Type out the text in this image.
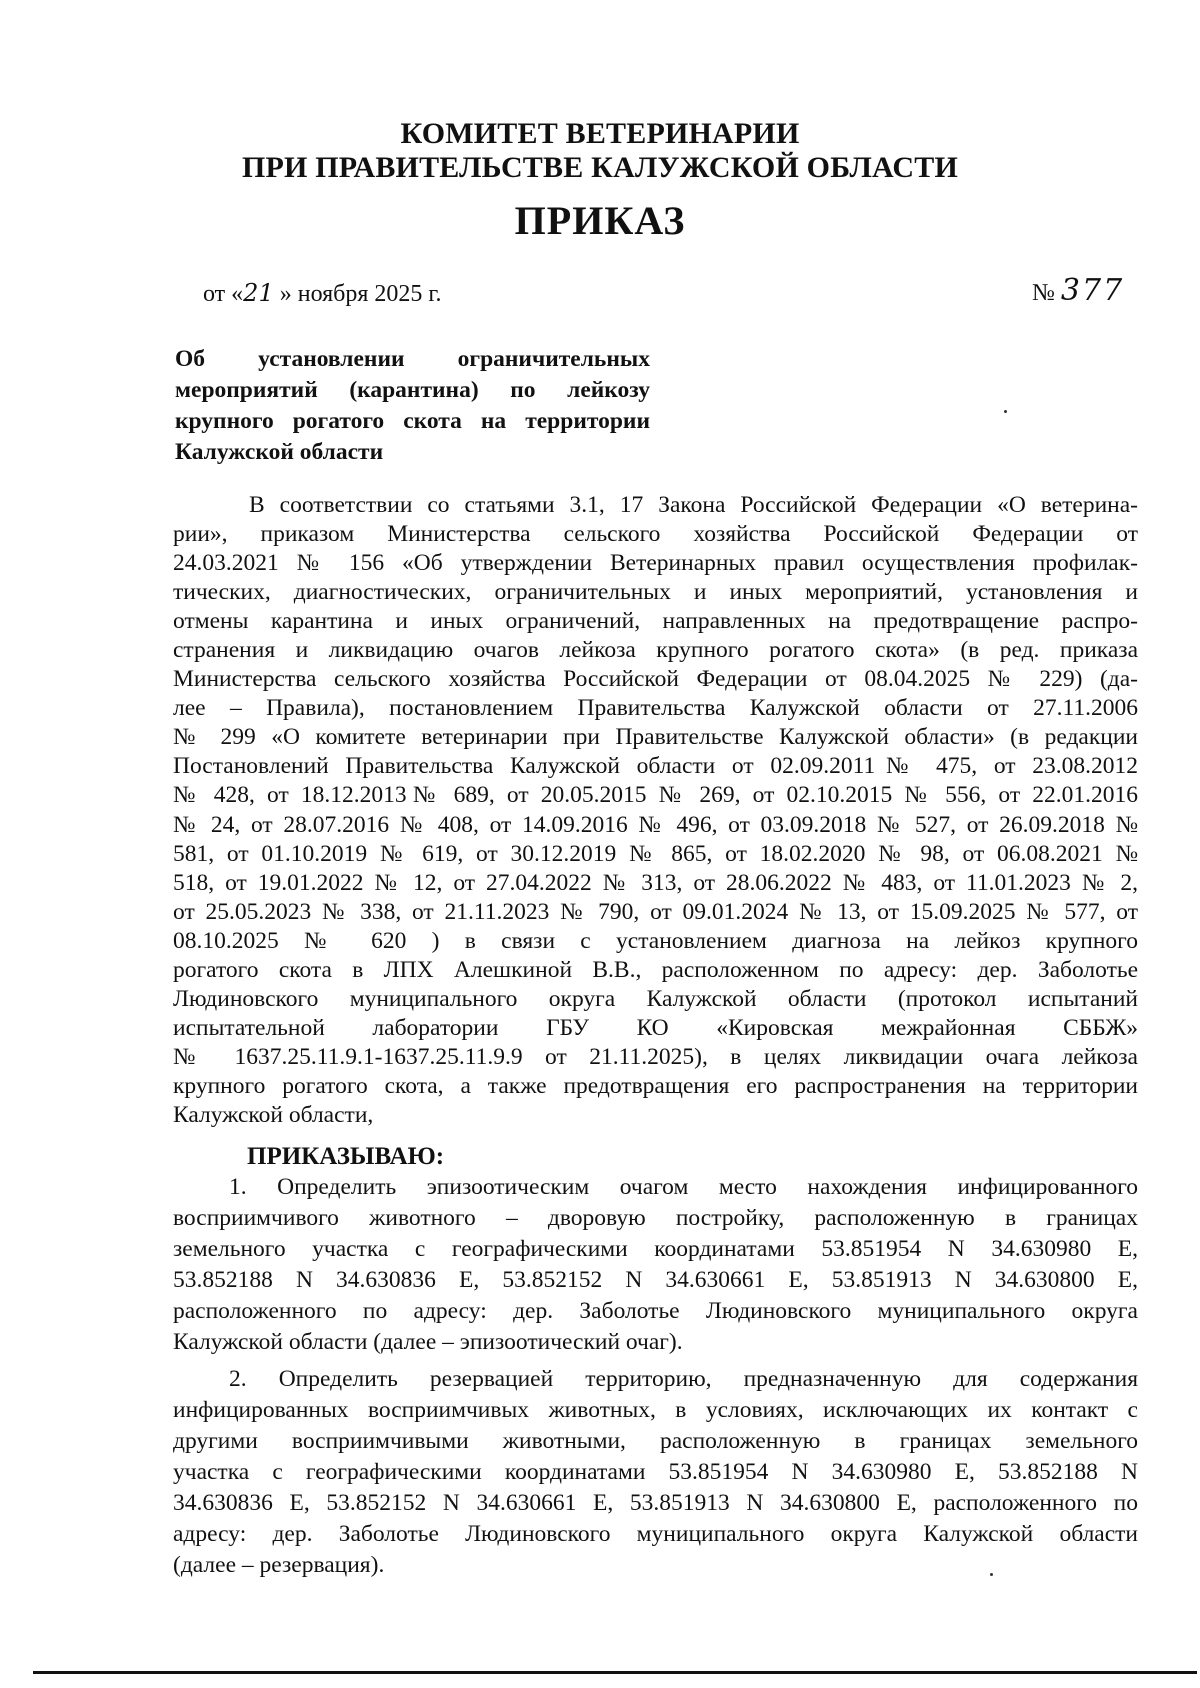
КОМИТЕТ ВЕТЕРИНАРИИ
ПРИ ПРАВИТЕЛЬСТВЕ КАЛУЖСКОЙ ОБЛАСТИ
ПРИКАЗ
от «21 » ноября 2025 г.	№ 377
Об установлении ограничительных
мероприятий (карантина) по лейкозу
крупного рогатого скота на территории
Калужской области
В соответствии со статьями 3.1, 17 Закона Российской Федерации «О ветерина-
рии», приказом Министерства сельского хозяйства Российской Федерации от
24.03.2021 № 156 «Об утверждении Ветеринарных правил осуществления профилак-
тических, диагностических, ограничительных и иных мероприятий, установления и
отмены карантина и иных ограничений, направленных на предотвращение распро-
странения и ликвидацию очагов лейкоза крупного рогатого скота» (в ред. приказа
Министерства сельского хозяйства Российской Федерации от 08.04.2025 № 229) (да-
лее – Правила), постановлением Правительства Калужской области от 27.11.2006
№ 299 «О комитете ветеринарии при Правительстве Калужской области» (в редакции
Постановлений Правительства Калужской области от 02.09.2011№ 475, от 23.08.2012
№ 428, от 18.12.2013№ 689, от 20.05.2015 № 269, от 02.10.2015 № 556, от 22.01.2016
№ 24, от 28.07.2016 № 408, от 14.09.2016 № 496, от 03.09.2018 № 527, от 26.09.2018 №
581, от 01.10.2019 № 619, от 30.12.2019 № 865, от 18.02.2020 № 98, от 06.08.2021 №
518, от 19.01.2022 № 12, от 27.04.2022 № 313, от 28.06.2022 № 483, от 11.01.2023 № 2,
от 25.05.2023 № 338, от 21.11.2023 № 790, от 09.01.2024 № 13, от 15.09.2025 № 577, от
08.10.2025 № 620 ) в связи с установлением диагноза на лейкоз крупного
рогатого скота в ЛПХ Алешкиной В.В., расположенном по адресу: дер. Заболотье
Людиновского муниципального округа Калужской области (протокол испытаний
испытательной лаборатории ГБУ КО «Кировская межрайонная СББЖ»
№ 1637.25.11.9.1-1637.25.11.9.9 от 21.11.2025), в целях ликвидации очага лейкоза
крупного рогатого скота, а также предотвращения его распространения на территории
Калужской области,
ПРИКАЗЫВАЮ:
1. Определить эпизоотическим очагом место нахождения инфицированного
восприимчивого животного – дворовую постройку, расположенную в границах
земельного участка с географическими координатами 53.851954 N 34.630980 E,
53.852188 N 34.630836 E, 53.852152 N 34.630661 E, 53.851913 N 34.630800 E,
расположенного по адресу: дер. Заболотье Людиновского муниципального округа
Калужской области (далее – эпизоотический очаг).
2. Определить резервацией территорию, предназначенную для содержания
инфицированных восприимчивых животных, в условиях, исключающих их контакт с
другими восприимчивыми животными, расположенную в границах земельного
участка с географическими координатами 53.851954 N 34.630980 E, 53.852188 N
34.630836 E, 53.852152 N 34.630661 E, 53.851913 N 34.630800 E, расположенного по
адресу: дер. Заболотье Людиновского муниципального округа Калужской области
(далее – резервация).
